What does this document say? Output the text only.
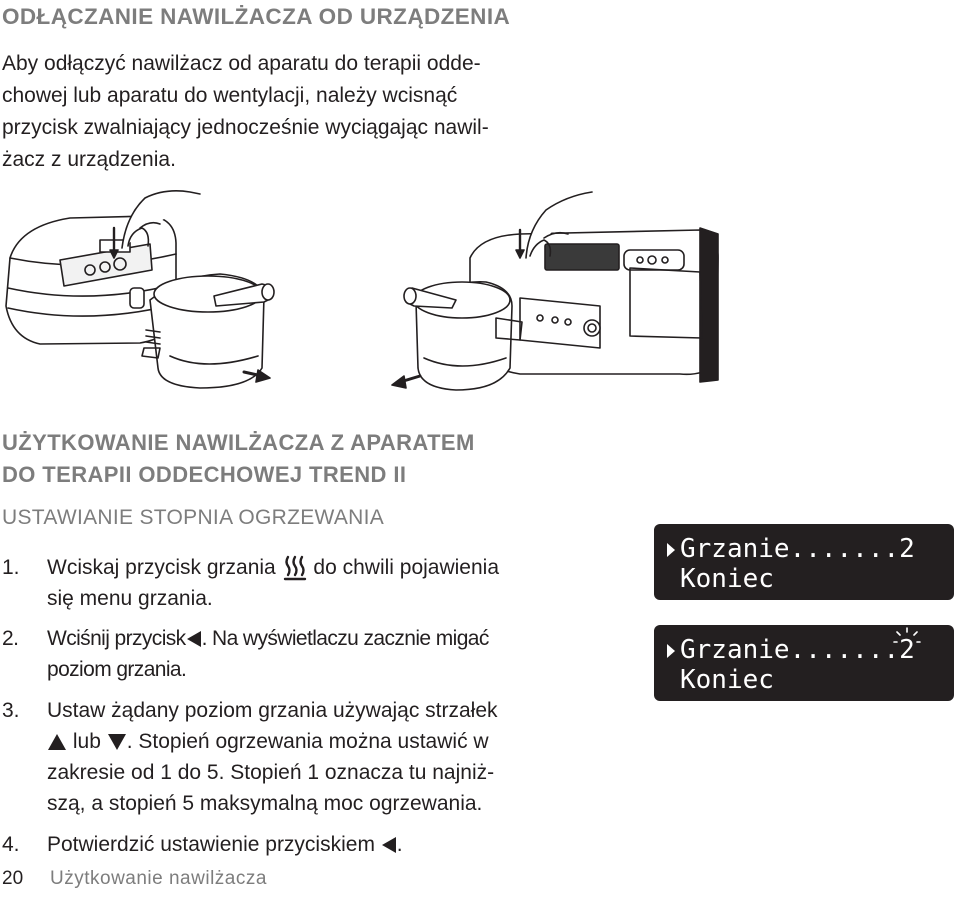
ODŁĄCZANIE NAWILŻACZA OD URZĄDZENIA
Aby odłączyć nawilżacz od aparatu do terapii odde-
chowej lub aparatu do wentylacji, należy wcisnąć
przycisk zwalniający jednocześnie wyciągając nawil-
żacz z urządzenia.
UŻYTKOWANIE NAWILŻACZA Z APARATEM
DO TERAPII ODDECHOWEJ TREND II
USTAWIANIE STOPNIA OGRZEWANIA
1. Wciskaj przycisk grzania do chwili pojawienia
się menu grzania.
2. Wciśnij przycisk . Na wyświetlaczu zacznie migać
poziom grzania.
3. Ustaw żądany poziom grzania używając strzałek
lub . Stopień ogrzewania można ustawić w
zakresie od 1 do 5. Stopień 1 oznacza tu najniż-
szą, a stopień 5 maksymalną moc ogrzewania.
4. Potwierdzić ustawienie przyciskiem .
Grzanie.......2
Koniec
Grzanie.......2
Koniec
20 Użytkowanie nawilżacza
